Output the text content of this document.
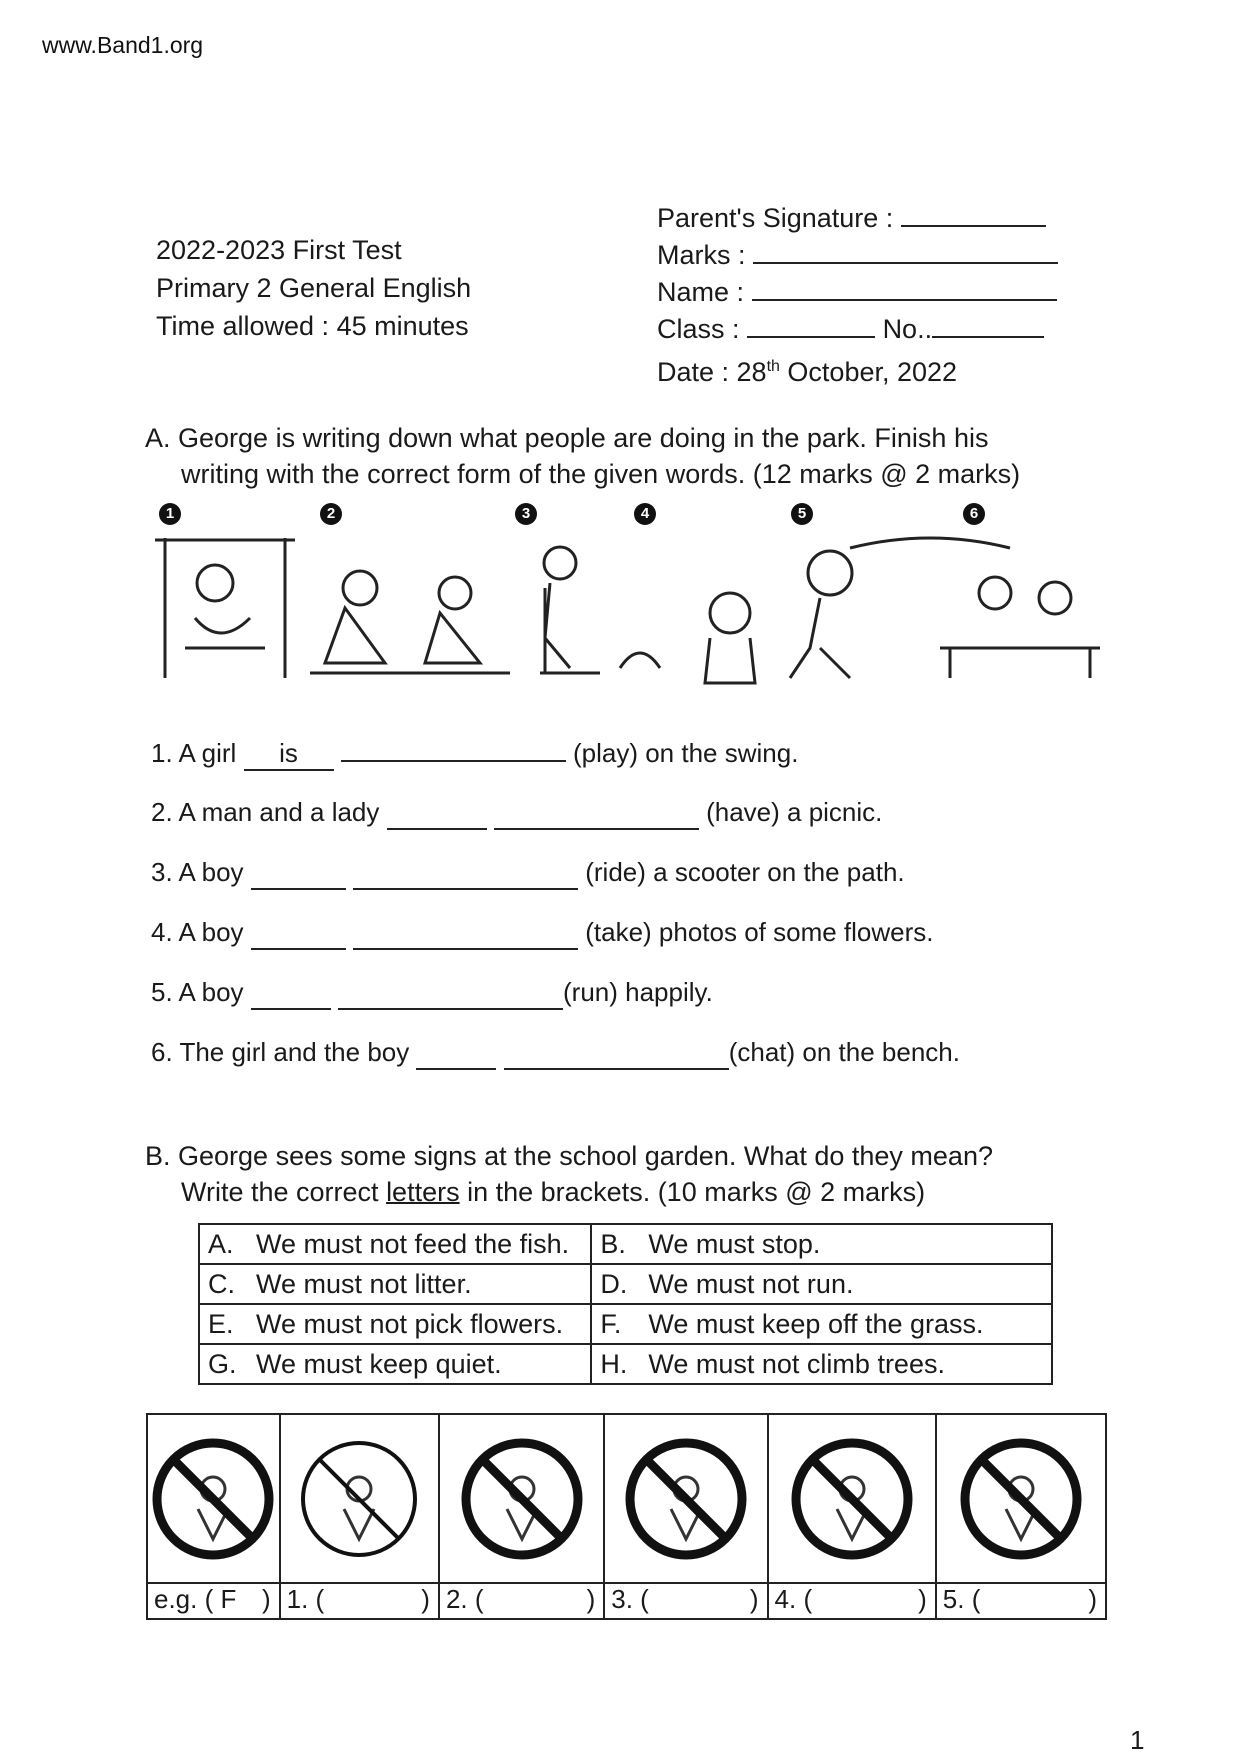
www.Band1.org
2022-2023 First Test
Primary 2 General English
Time allowed : 45 minutes
Parent's Signature :
Marks :
Name :
Class :	No..
Date : 28th October, 2022
A. George is writing down what people are doing in the park. Finish his
writing with the correct form of the given words. (12 marks @ 2 marks)
1	2	3	4	5	6
1. A girl is	(play) on the swing.
2. A man and a lady	(have) a picnic.
3. A boy	(ride) a scooter on the path.
4. A boy	(take) photos of some flowers.
5. A boy	(run) happily.
6. The girl and the boy	(chat) on the bench.
B. George sees some signs at the school garden. What do they mean?
Write the correct letters in the brackets. (10 marks @ 2 marks)
A. We must not feed the fish.	B. We must stop.
C. We must not litter.	D. We must not run.
E. We must not pick flowers.	F. We must keep off the grass.
G. We must keep quiet.	H. We must not climb trees.
e.g. ( F ) 1. (	) 2. (	) 3. (	) 4. (	) 5. (	)
1
